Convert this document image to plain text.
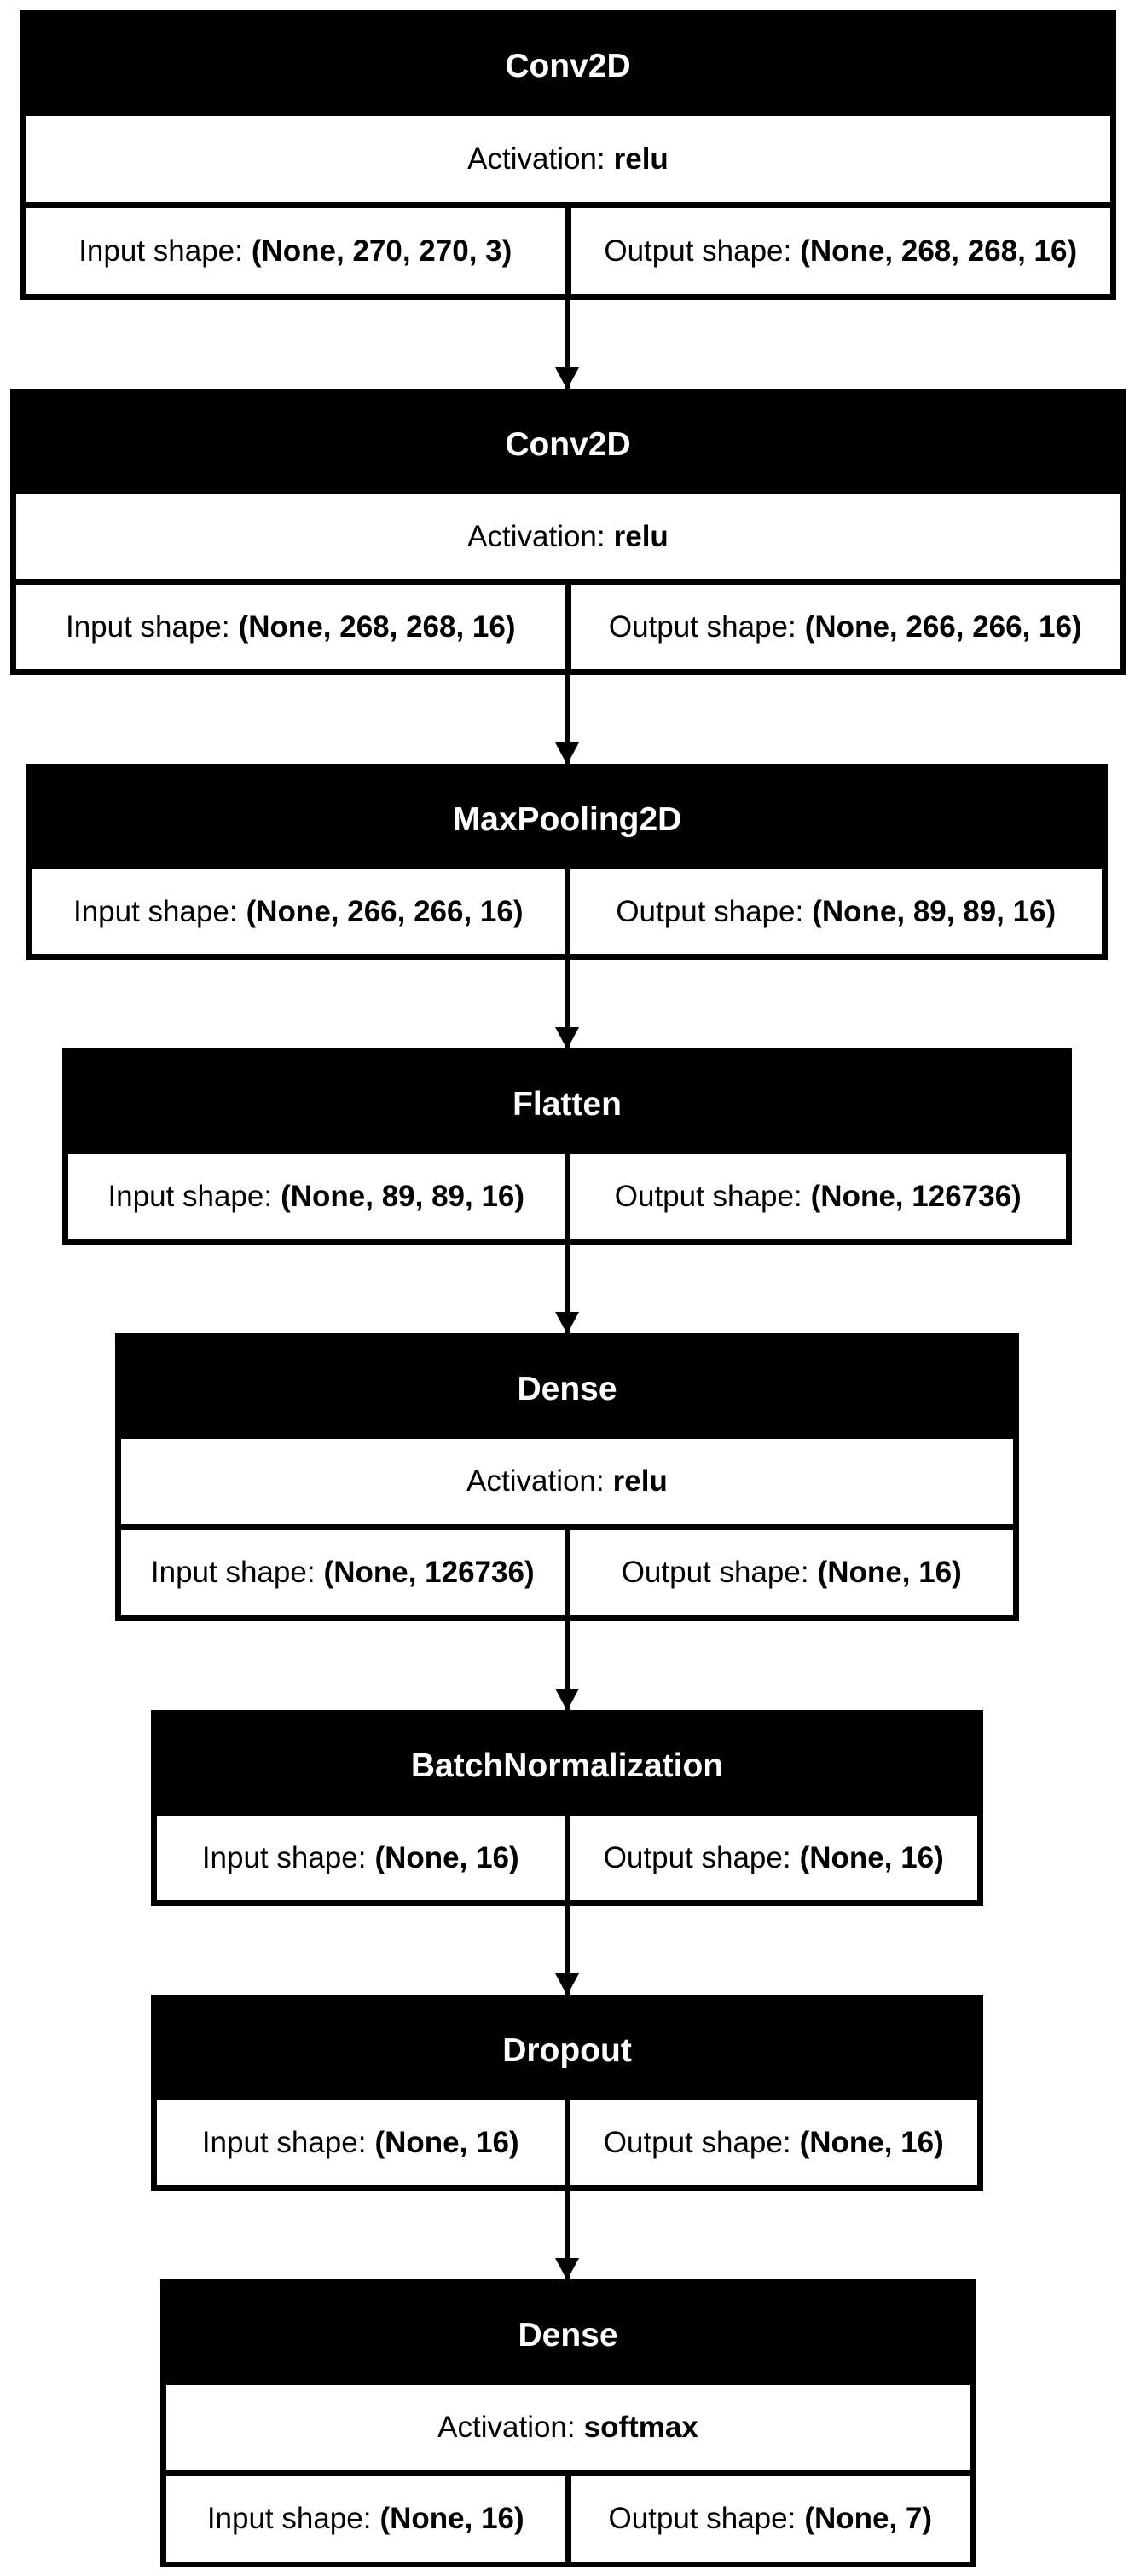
Conv2D
Activation: relu
Input shape: (None, 270, 270, 3)	Output shape: (None, 268, 268, 16)
Conv2D
Activation: relu
Input shape: (None, 268, 268, 16)	Output shape: (None, 266, 266, 16)
MaxPooling2D
Input shape: (None, 266, 266, 16)	Output shape: (None, 89, 89, 16)
Flatten
Input shape: (None, 89, 89, 16)	Output shape: (None, 126736)
Dense
Activation: relu
Input shape: (None, 126736)	Output shape: (None, 16)
BatchNormalization
Input shape: (None, 16)	Output shape: (None, 16)
Dropout
Input shape: (None, 16)	Output shape: (None, 16)
Dense
Activation: softmax
Input shape: (None, 16)	Output shape: (None, 7)
